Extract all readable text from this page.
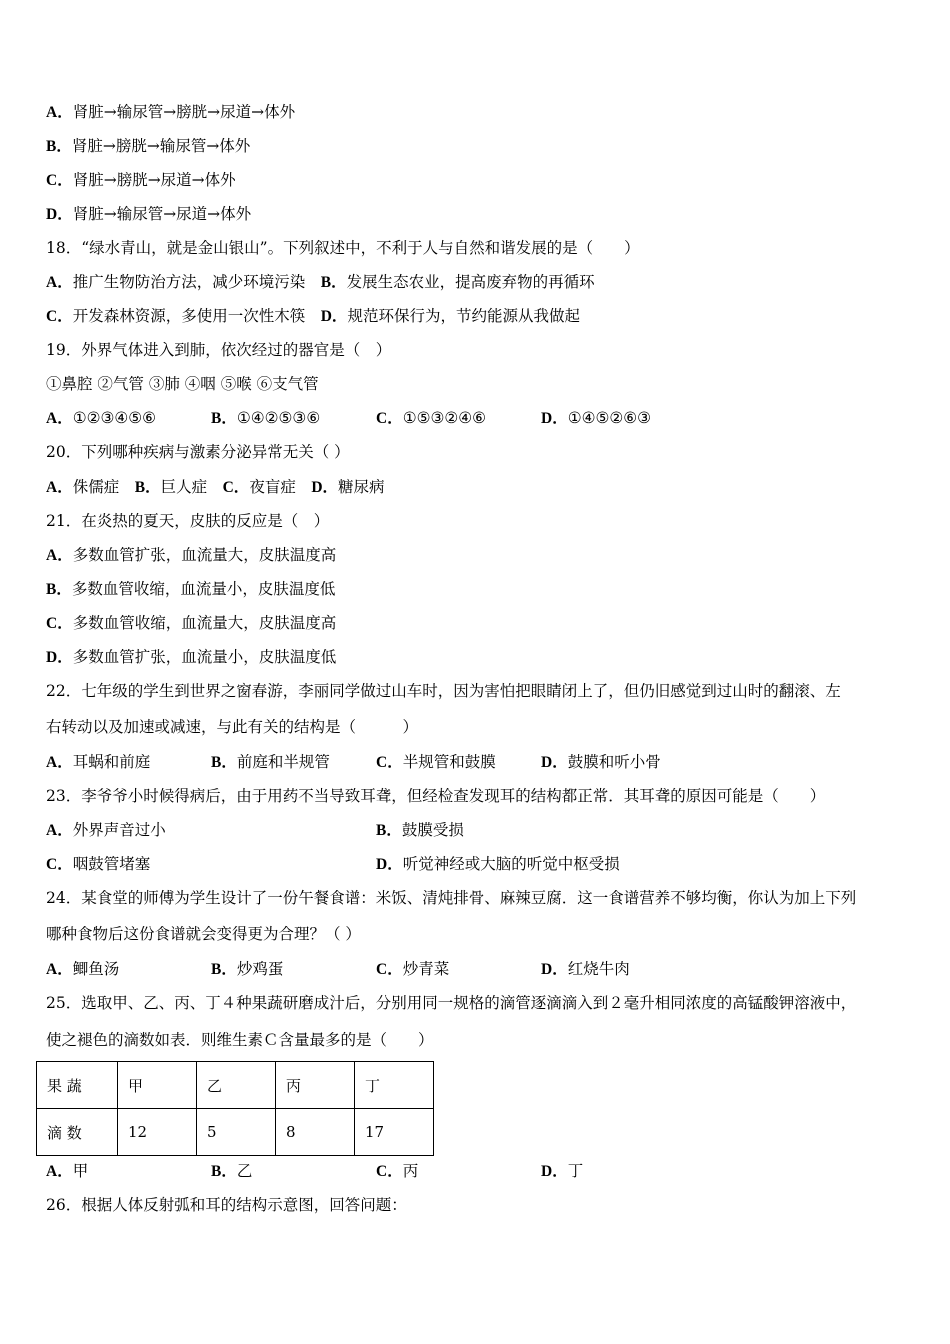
A．肾脏→输尿管→膀胱→尿道→体外
B．肾脏→膀胱→输尿管→体外
C．肾脏→膀胱→尿道→体外
D．肾脏→输尿管→尿道→体外
18．“绿水青山，就是金山银山”。下列叙述中，不利于人与自然和谐发展的是（　　）
A．推广生物防治方法，减少环境污染　 B．发展生态农业，提高废弃物的再循环
C．开发森林资源，多使用一次性木筷　 D．规范环保行为，节约能源从我做起
19．外界气体进入到肺，依次经过的器官是（　）
①鼻腔 ②气管 ③肺 ④咽 ⑤喉 ⑥支气管
A．①②③④⑤⑥	B．①④②⑤③⑥	C．①⑤③②④⑥	D．①④⑤②⑥③
20．下列哪种疾病与激素分泌异常无关（ ）
A．侏儒症　 B．巨人症　 C．夜盲症　 D．糖尿病
21．在炎热的夏天，皮肤的反应是（　）
A．多数血管扩张，血流量大，皮肤温度高
B．多数血管收缩，血流量小，皮肤温度低
C．多数血管收缩，血流量大，皮肤温度高
D．多数血管扩张，血流量小，皮肤温度低
22．七年级的学生到世界之窗春游，李丽同学做过山车时，因为害怕把眼睛闭上了，但仍旧感觉到过山时的翻滚、左
右转动以及加速或减速，与此有关的结构是（　　　）
A．耳蜗和前庭	B．前庭和半规管	C．半规管和鼓膜	D．鼓膜和听小骨
23．李爷爷小时候得病后，由于用药不当导致耳聋，但经检查发现耳的结构都正常．其耳聋的原因可能是（　　）
A．外界声音过小	B．鼓膜受损
C．咽鼓管堵塞	D．听觉神经或大脑的听觉中枢受损
24．某食堂的师傅为学生设计了一份午餐食谱：米饭、清炖排骨、麻辣豆腐．这一食谱营养不够均衡，你认为加上下列
哪种食物后这份食谱就会变得更为合理？（ ）
A．鲫鱼汤	B．炒鸡蛋	C．炒青菜	D．红烧牛肉
25．选取甲、乙、丙、丁４种果蔬研磨成汁后，分别用同一规格的滴管逐滴滴入到２毫升相同浓度的高锰酸钾溶液中，
使之褪色的滴数如表．则维生素Ｃ含量最多的是（　　）
果 蔬	甲	乙	丙	丁
滴 数	12	5	8	17
A．甲	B．乙	C．丙	D．丁
26．根据人体反射弧和耳的结构示意图，回答问题：
